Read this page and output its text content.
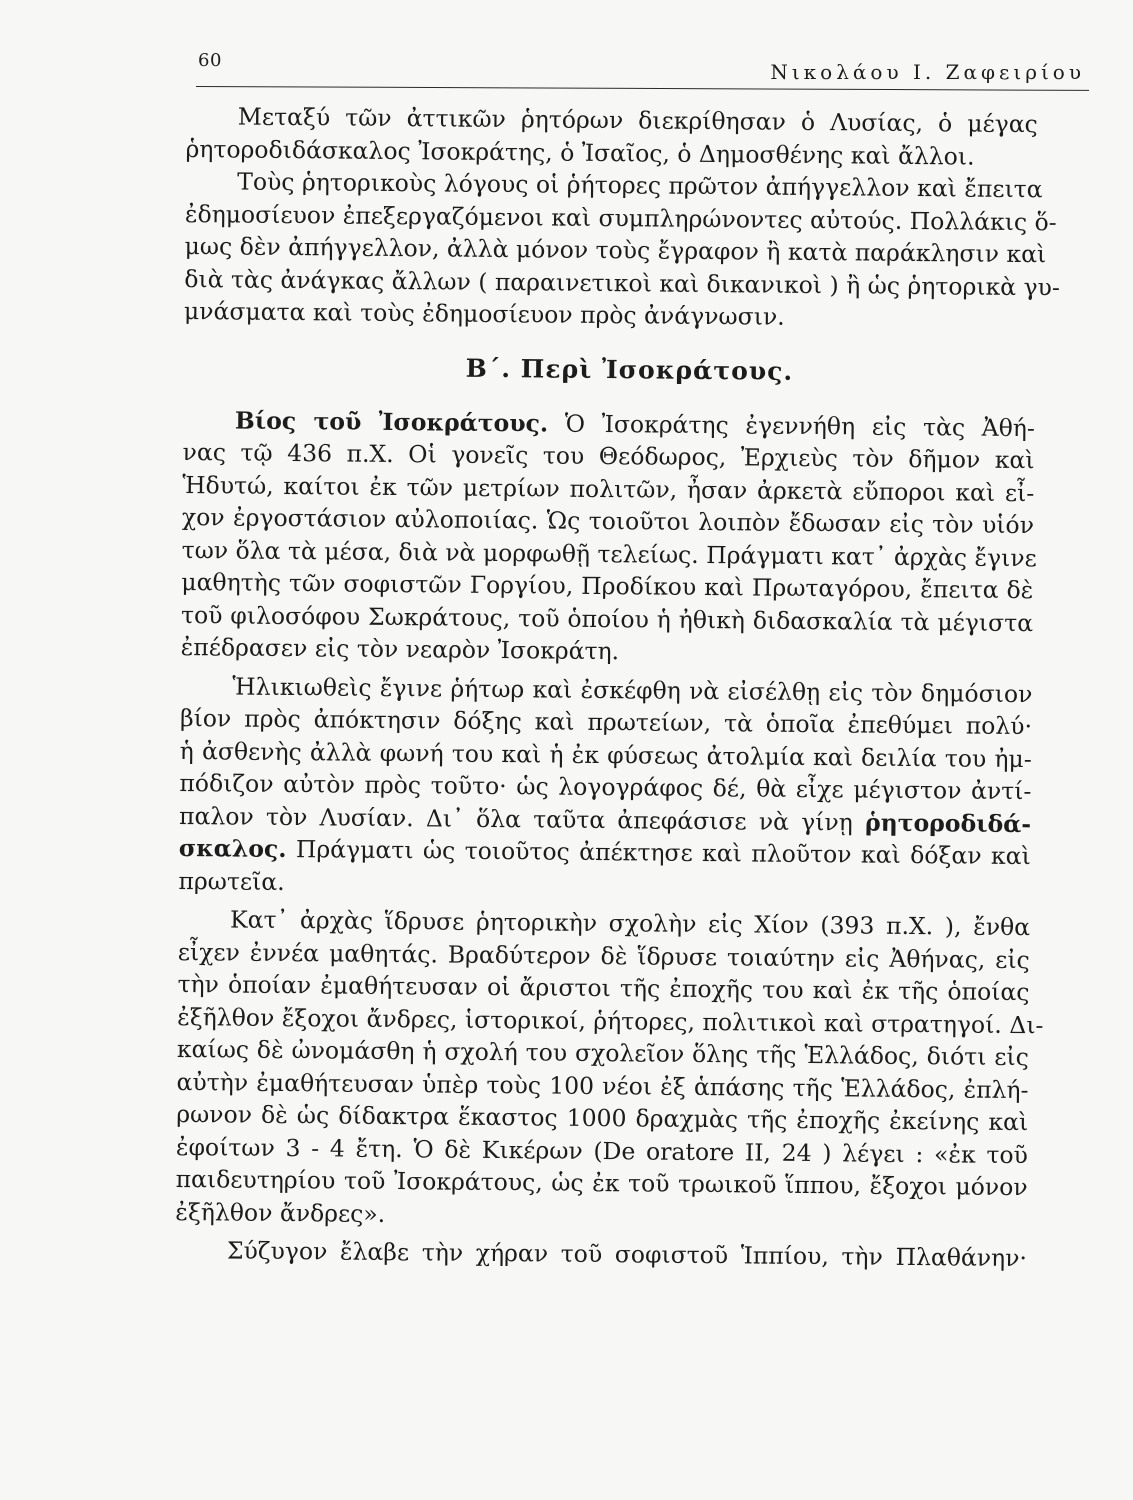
60	Νικολάου Ι. Ζαφειρίου
Μεταξύ τῶν ἀττικῶν ῥητόρων διεκρίθησαν ὁ Λυσίας, ὁ μέγας
ῥητοροδιδάσκαλος Ἰσοκράτης, ὁ Ἰσαῖος, ὁ Δημοσθένης καὶ ἄλλοι.
Τοὺς ῥητορικοὺς λόγους οἱ ῥήτορες πρῶτον ἀπήγγελλον καὶ ἔπειτα
ἐδημοσίευον ἐπεξεργαζόμενοι καὶ συμπληρώνοντες αὐτούς. Πολλάκις ὅ-
μως δὲν ἀπήγγελλον, ἀλλὰ μόνον τοὺς ἔγραφον ἢ κατὰ παράκλησιν καὶ
διὰ τὰς ἀνάγκας ἄλλων ( παραινετικοὶ καὶ δικανικοὶ ) ἢ ὡς ῥητορικὰ γυ-
μνάσματα καὶ τοὺς ἐδημοσίευον πρὸς ἀνάγνωσιν.
Β΄. Περὶ Ἰσοκράτους.
Βίος τοῦ Ἰσοκράτους. Ὁ Ἰσοκράτης ἐγεννήθη εἰς τὰς Ἀθή-
νας τῷ 436 π.Χ. Οἱ γονεῖς του Θεόδωρος, Ἐρχιεὺς τὸν δῆμον καὶ
Ἡδυτώ, καίτοι ἐκ τῶν μετρίων πολιτῶν, ἦσαν ἀρκετὰ εὔποροι καὶ εἶ-
χον ἐργοστάσιον αὐλοποιίας. Ὡς τοιοῦτοι λοιπὸν ἔδωσαν εἰς τὸν υἱόν
των ὅλα τὰ μέσα, διὰ νὰ μορφωθῇ τελείως. Πράγματι κατ᾽ ἀρχὰς ἔγινε
μαθητὴς τῶν σοφιστῶν Γοργίου, Προδίκου καὶ Πρωταγόρου, ἔπειτα δὲ
τοῦ φιλοσόφου Σωκράτους, τοῦ ὁποίου ἡ ἠθικὴ διδασκαλία τὰ μέγιστα
ἐπέδρασεν εἰς τὸν νεαρὸν Ἰσοκράτη.
Ἡλικιωθεὶς ἔγινε ῥήτωρ καὶ ἐσκέφθη νὰ εἰσέλθῃ εἰς τὸν δημόσιον
βίον πρὸς ἀπόκτησιν δόξης καὶ πρωτείων, τὰ ὁποῖα ἐπεθύμει πολύ·
ἡ ἀσθενὴς ἀλλὰ φωνή του καὶ ἡ ἐκ φύσεως ἀτολμία καὶ δειλία του ἠμ-
πόδιζον αὐτὸν πρὸς τοῦτο· ὡς λογογράφος δέ, θὰ εἶχε μέγιστον ἀντί-
παλον τὸν Λυσίαν. Δι᾽ ὅλα ταῦτα ἀπεφάσισε νὰ γίνῃ ῥητοροδιδά-
σκαλος. Πράγματι ὡς τοιοῦτος ἀπέκτησε καὶ πλοῦτον καὶ δόξαν καὶ
πρωτεῖα.
Κατ᾽ ἀρχὰς ἵδρυσε ῥητορικὴν σχολὴν εἰς Χίον (393 π.Χ. ), ἔνθα
εἶχεν ἐννέα μαθητάς. Βραδύτερον δὲ ἵδρυσε τοιαύτην εἰς Ἀθήνας, εἰς
τὴν ὁποίαν ἐμαθήτευσαν οἱ ἄριστοι τῆς ἐποχῆς του καὶ ἐκ τῆς ὁποίας
ἐξῆλθον ἔξοχοι ἄνδρες, ἱστορικοί, ῥήτορες, πολιτικοὶ καὶ στρατηγοί. Δι-
καίως δὲ ὠνομάσθη ἡ σχολή του σχολεῖον ὅλης τῆς Ἑλλάδος, διότι εἰς
αὐτὴν ἐμαθήτευσαν ὑπὲρ τοὺς 100 νέοι ἐξ ἁπάσης τῆς Ἑλλάδος, ἐπλή-
ρωνον δὲ ὡς δίδακτρα ἕκαστος 1000 δραχμὰς τῆς ἐποχῆς ἐκείνης καὶ
ἐφοίτων 3 - 4 ἔτη. Ὁ δὲ Κικέρων (De oratore II, 24 ) λέγει : «ἐκ τοῦ
παιδευτηρίου τοῦ Ἰσοκράτους, ὡς ἐκ τοῦ τρωικοῦ ἵππου, ἔξοχοι μόνον
ἐξῆλθον ἄνδρες».
Σύζυγον ἔλαβε τὴν χήραν τοῦ σοφιστοῦ Ἱππίου, τὴν Πλαθάνην·
